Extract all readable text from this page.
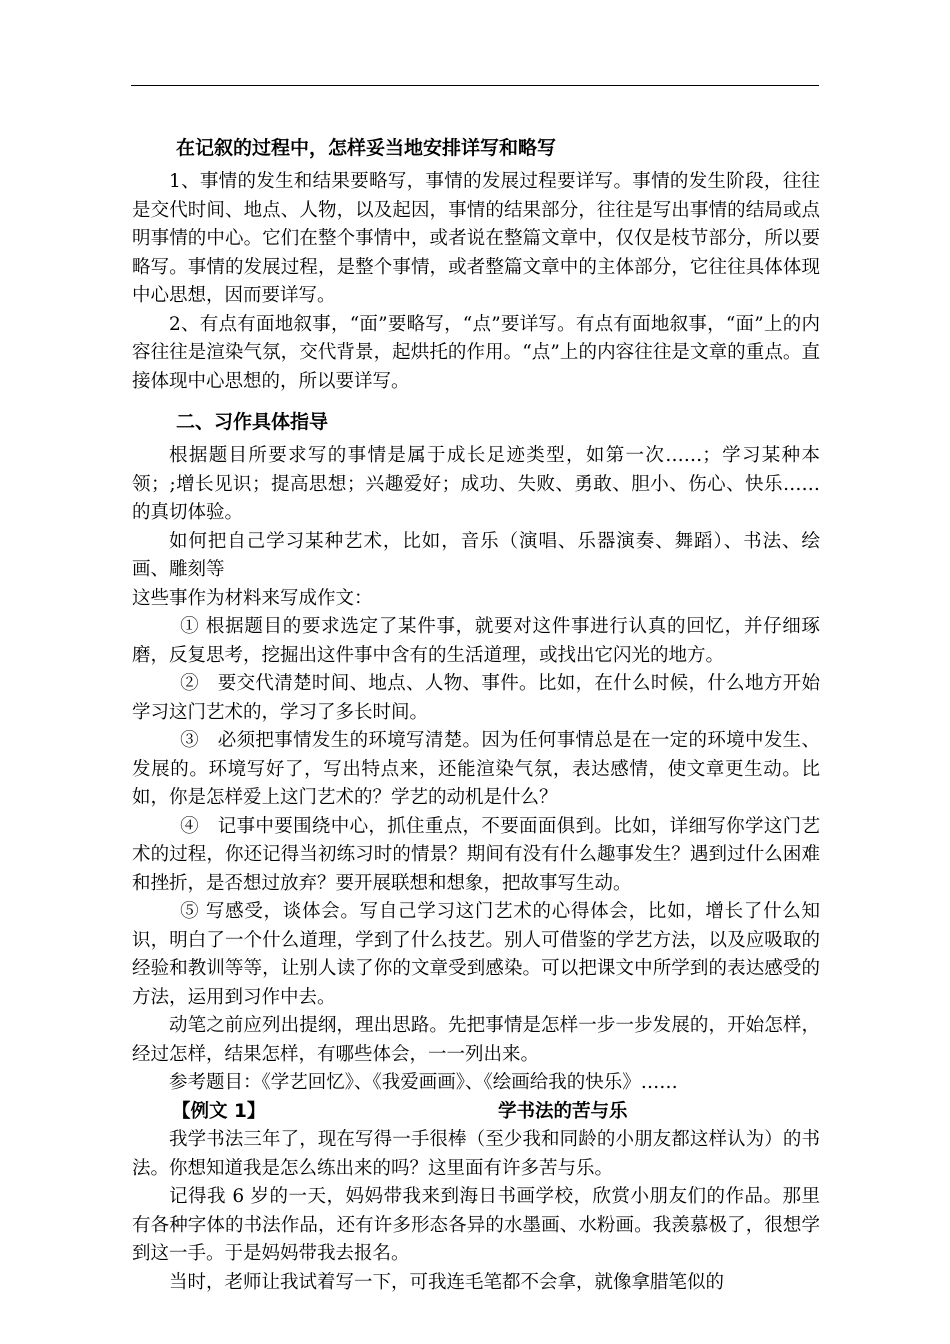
在记叙的过程中，怎样妥当地安排详写和略写

1、事情的发生和结果要略写，事情的发展过程要详写。事情的发生阶段，往往是交代时间、地点、人物，以及起因，事情的结果部分，往往是写出事情的结局或点明事情的中心。它们在整个事情中，或者说在整篇文章中，仅仅是枝节部分，所以要略写。事情的发展过程，是整个事情，或者整篇文章中的主体部分，它往往具体体现中心思想，因而要详写。

2、有点有面地叙事，“面”要略写，“点”要详写。有点有面地叙事，“面”上的内容往往是渲染气氛，交代背景，起烘托的作用。“点”上的内容往往是文章的重点。直接体现中心思想的，所以要详写。

二、习作具体指导

根据题目所要求写的事情是属于成长足迹类型，如第一次……；学习某种本领；;增长见识；提高思想；兴趣爱好；成功、失败、勇敢、胆小、伤心、快乐……的真切体验。

如何把自己学习某种艺术，比如，音乐（演唱、乐器演奏、舞蹈）、书法、绘画、雕刻等

这些事作为材料来写成作文：

① 根据题目的要求选定了某件事，就要对这件事进行认真的回忆，并仔细琢磨，反复思考，挖掘出这件事中含有的生活道理，或找出它闪光的地方。

②　要交代清楚时间、地点、人物、事件。比如，在什么时候，什么地方开始学习这门艺术的，学习了多长时间。

③　必须把事情发生的环境写清楚。因为任何事情总是在一定的环境中发生、发展的。环境写好了，写出特点来，还能渲染气氛，表达感情，使文章更生动。比如，你是怎样爱上这门艺术的？学艺的动机是什么？

④　记事中要围绕中心，抓住重点，不要面面俱到。比如，详细写你学这门艺术的过程，你还记得当初练习时的情景？期间有没有什么趣事发生？遇到过什么困难和挫折，是否想过放弃？要开展联想和想象，把故事写生动。

⑤ 写感受，谈体会。写自己学习这门艺术的心得体会，比如，增长了什么知识，明白了一个什么道理，学到了什么技艺。别人可借鉴的学艺方法，以及应吸取的经验和教训等等，让别人读了你的文章受到感染。可以把课文中所学到的表达感受的方法，运用到习作中去。

动笔之前应列出提纲，理出思路。先把事情是怎样一步一步发展的，开始怎样，经过怎样，结果怎样，有哪些体会，一一列出来。

参考题目：《学艺回忆》、《我爱画画》、《绘画给我的快乐》……

【例文 1】	学书法的苦与乐

我学书法三年了，现在写得一手很棒（至少我和同龄的小朋友都这样认为）的书法。你想知道我是怎么练出来的吗？这里面有许多苦与乐。

记得我 6 岁的一天，妈妈带我来到海日书画学校，欣赏小朋友们的作品。那里有各种字体的书法作品，还有许多形态各异的水墨画、水粉画。我羡慕极了，很想学到这一手。于是妈妈带我去报名。

当时，老师让我试着写一下，可我连毛笔都不会拿，就像拿腊笔似的
